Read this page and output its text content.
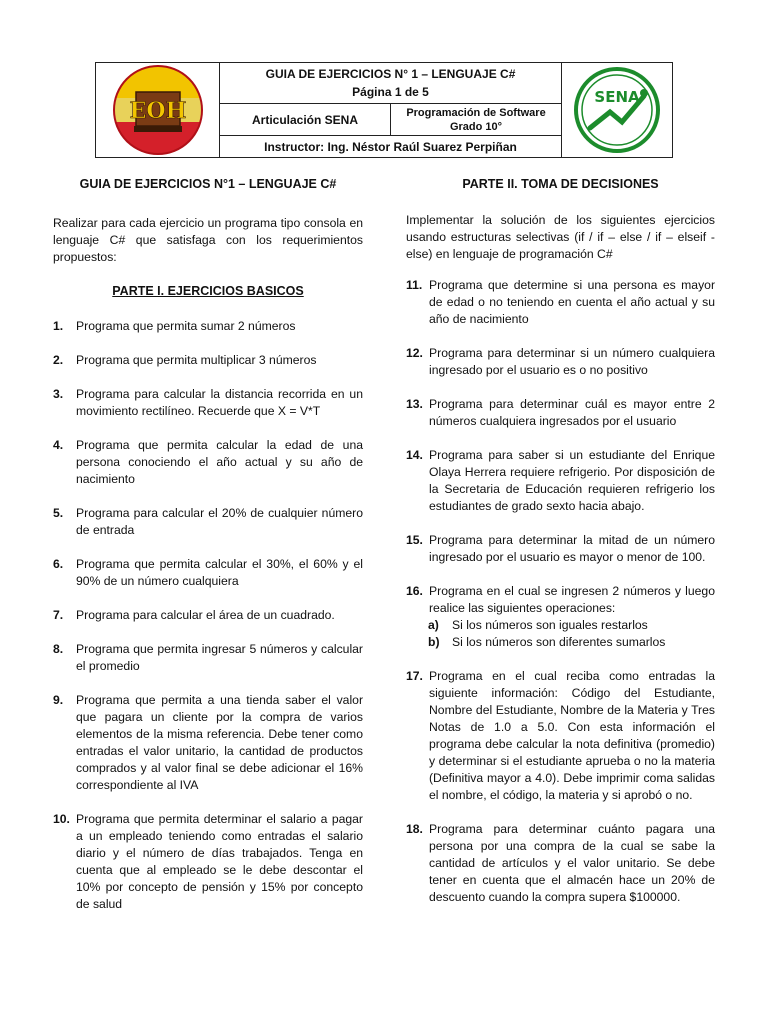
EOH
GUIA DE EJERCICIOS N° 1 – LENGUAJE C#
Página 1 de 5
Articulación SENA	Programación de Software
Grado 10°
Instructor: Ing. Néstor Raúl Suarez Perpiñan
SENA
GUIA DE EJERCICIOS N°1 – LENGUAJE C#
Realizar para cada ejercicio un programa tipo consola en lenguaje C# que satisfaga con los requerimientos propuestos:
PARTE I. EJERCICIOS BASICOS
1.	Programa que permita sumar 2 números
2.	Programa que permita multiplicar 3 números
3.	Programa para calcular la distancia recorrida en un movimiento rectilíneo. Recuerde que X = V*T
4.	Programa que permita calcular la edad de una persona conociendo el año actual y su año de nacimiento
5.	Programa para calcular el 20% de cualquier número de entrada
6.	Programa que permita calcular el 30%, el 60% y el 90% de un número cualquiera
7.	Programa para calcular el área de un cuadrado.
8.	Programa que permita ingresar 5 números y calcular el promedio
9.	Programa que permita a una tienda saber el valor que pagara un cliente por la compra de varios elementos de la misma referencia. Debe tener como entradas el valor unitario, la cantidad de productos comprados y al valor final se debe adicionar el 16% correspondiente al IVA
10. Programa que permita determinar el salario a pagar a un empleado teniendo como entradas el salario diario y el número de días trabajados. Tenga en cuenta que al empleado se le debe descontar el 10% por concepto de pensión y 15% por concepto de salud
PARTE II. TOMA DE DECISIONES
Implementar la solución de los siguientes ejercicios usando estructuras selectivas (if / if – else / if – elseif - else) en lenguaje de programación C#
11. Programa que determine si una persona es mayor de edad o no teniendo en cuenta el año actual y su año de nacimiento
12. Programa para determinar si un número cualquiera ingresado por el usuario es o no positivo
13. Programa para determinar cuál es mayor entre 2 números cualquiera ingresados por el usuario
14. Programa para saber si un estudiante del Enrique Olaya Herrera requiere refrigerio. Por disposición de la Secretaria de Educación requieren refrigerio los estudiantes de grado sexto hacia abajo.
15. Programa para determinar la mitad de un número ingresado por el usuario es mayor o menor de 100.
16. Programa en el cual se ingresen 2 números y luego realice las siguientes operaciones:
a)	Si los números son iguales restarlos
b)	Si los números son diferentes sumarlos
17. Programa en el cual reciba como entradas la siguiente información: Código del Estudiante, Nombre del Estudiante, Nombre de la Materia y Tres Notas de 1.0 a 5.0. Con esta información el programa debe calcular la nota definitiva (promedio) y determinar si el estudiante aprueba o no la materia (Definitiva mayor a 4.0). Debe imprimir coma salidas el nombre, el código, la materia y si aprobó o no.
18. Programa para determinar cuánto pagara una persona por una compra de la cual se sabe la cantidad de artículos y el valor unitario. Se debe tener en cuenta que el almacén hace un 20% de descuento cuando la compra supera $100000.
